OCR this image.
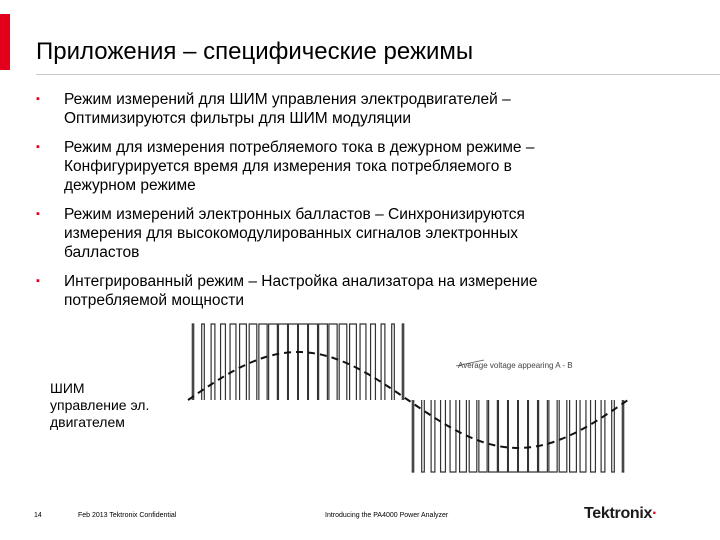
Приложения – специфические режимы
▪ Режим измерений для ШИМ управления электродвигателей –
Оптимизируются фильтры для ШИМ модуляции
▪ Режим для измерения потребляемого тока в дежурном режиме –
Конфигурируется время для измерения тока потребляемого в
дежурном режиме
▪ Режим измерений электронных балластов – Синхронизируются
измерения для высокомодулированных сигналов электронных
балластов
▪ Интегрированный режим – Настройка анализатора на измерение
потребляемой мощности
ШИМ
управление эл.
двигателем
Average voltage appearing A - B
14	Feb 2013 Tektronix Confidential	Introducing the PA4000 Power Analyzer	Tektronix·
